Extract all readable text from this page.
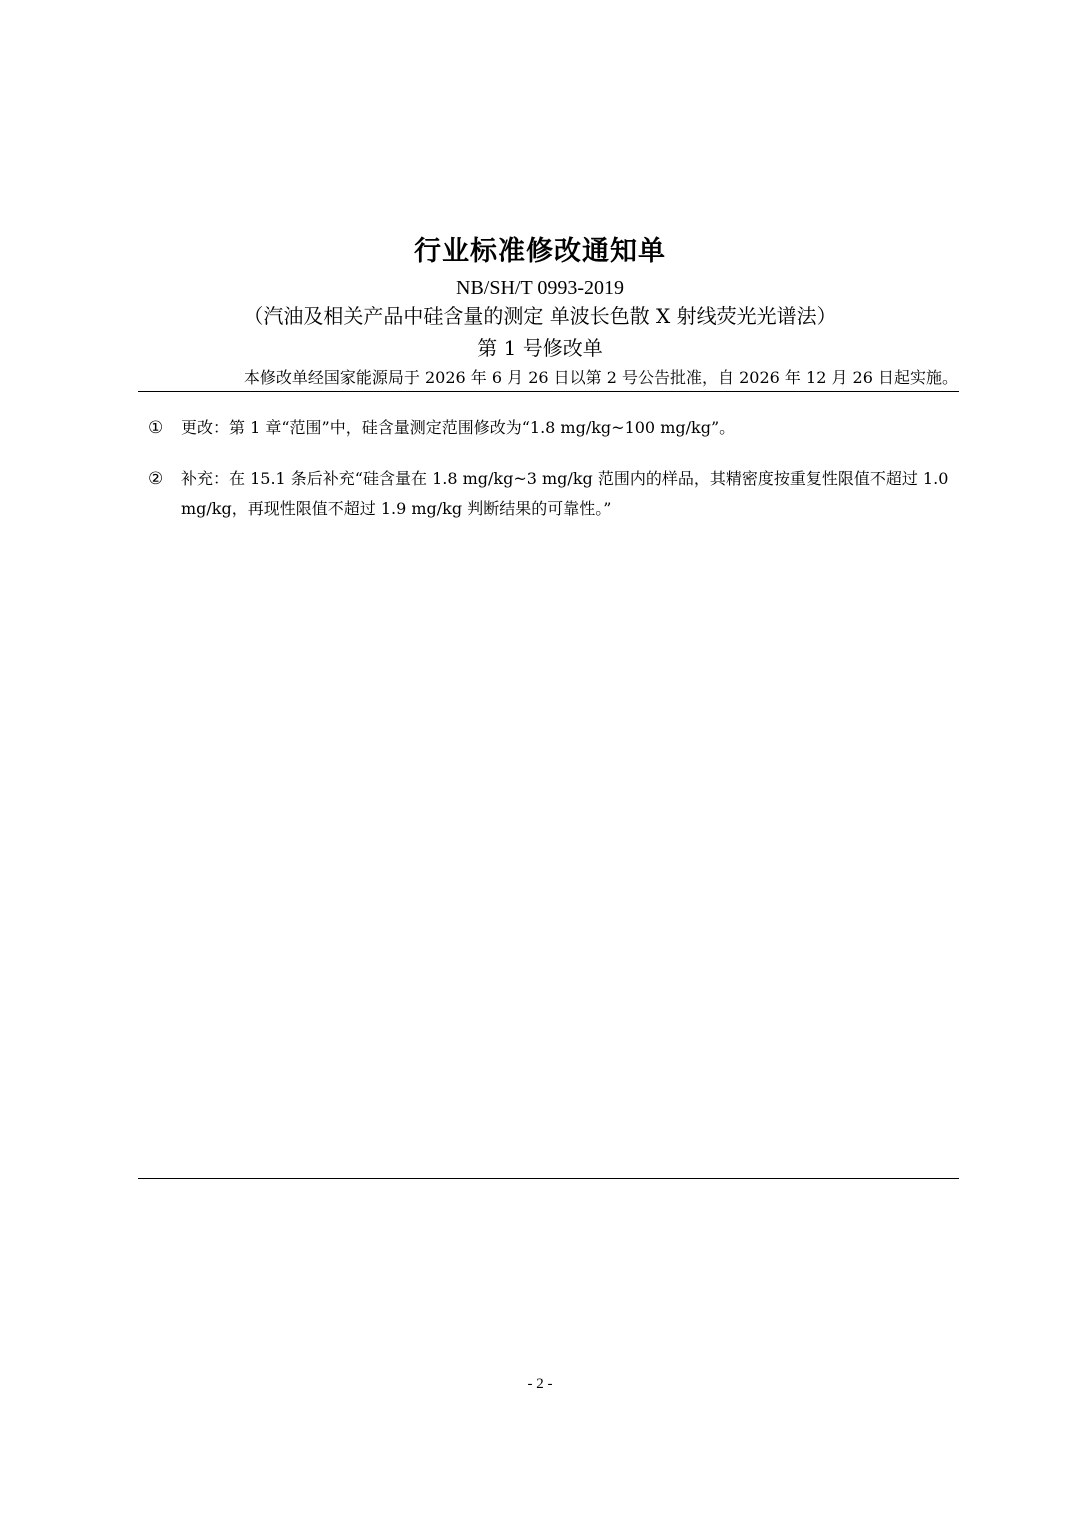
行业标准修改通知单
NB/SH/T 0993-2019
（汽油及相关产品中硅含量的测定 单波长色散 X 射线荧光光谱法）
第 1 号修改单
本修改单经国家能源局于 2026 年 6 月 26 日以第 2 号公告批准，自 2026 年 12 月 26 日起实施。
①	更改：第 1 章“范围”中，硅含量测定范围修改为“1.8 mg/kg~100 mg/kg”。
②	补充：在 15.1 条后补充“硅含量在 1.8 mg/kg~3 mg/kg 范围内的样品，其精密度按重复性限值不超过 1.0 mg/kg，再现性限值不超过 1.9 mg/kg 判断结果的可靠性。”
- 2 -
